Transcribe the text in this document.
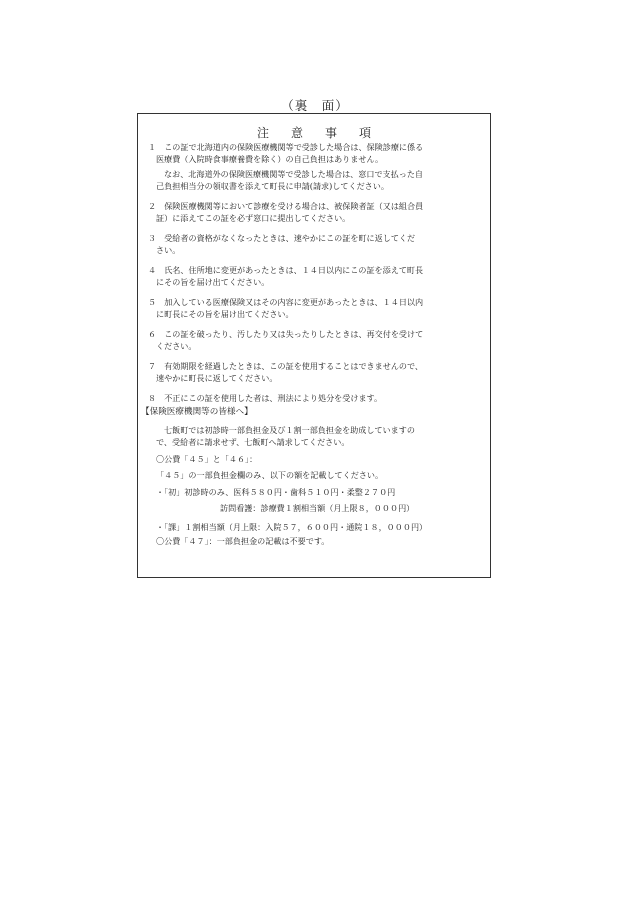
（裏　面）
注意事項
１　この証で北海道内の保険医療機関等で受診した場合は、保険診療に係る
医療費（入院時食事療養費を除く）の自己負担はありません。
なお、北海道外の保険医療機関等で受診した場合は、窓口で支払った自
己負担相当分の領収書を添えて町長に申請(請求)してください。
２　保険医療機関等において診療を受ける場合は、被保険者証（又は組合員
証）に添えてこの証を必ず窓口に提出してください。
３　受給者の資格がなくなったときは、速やかにこの証を町に返してくだ
さい。
４　氏名、住所地に変更があったときは、１４日以内にこの証を添えて町長
にその旨を届け出てください。
５　加入している医療保険又はその内容に変更があったときは、１４日以内
に町長にその旨を届け出てください。
６　この証を破ったり、汚したり又は失ったりしたときは、再交付を受けて
ください。
７　有効期限を経過したときは、この証を使用することはできませんので、
速やかに町長に返してください。
８　不正にこの証を使用した者は、刑法により処分を受けます。
【保険医療機関等の皆様へ】
七飯町では初診時一部負担金及び１割一部負担金を助成していますの
で、受給者に請求せず、七飯町へ請求してください。
〇公費「４５」と「４６」：
「４５」の一部負担金欄のみ、以下の額を記載してください。
・「初」初診時のみ、医科５８０円・歯科５１０円・柔整２７０円
訪問看護：診療費１割相当額（月上限８，０００円）
・「課」１割相当額（月上限：入院５７，６００円・通院１８，０００円）
〇公費「４７」：一部負担金の記載は不要です。
